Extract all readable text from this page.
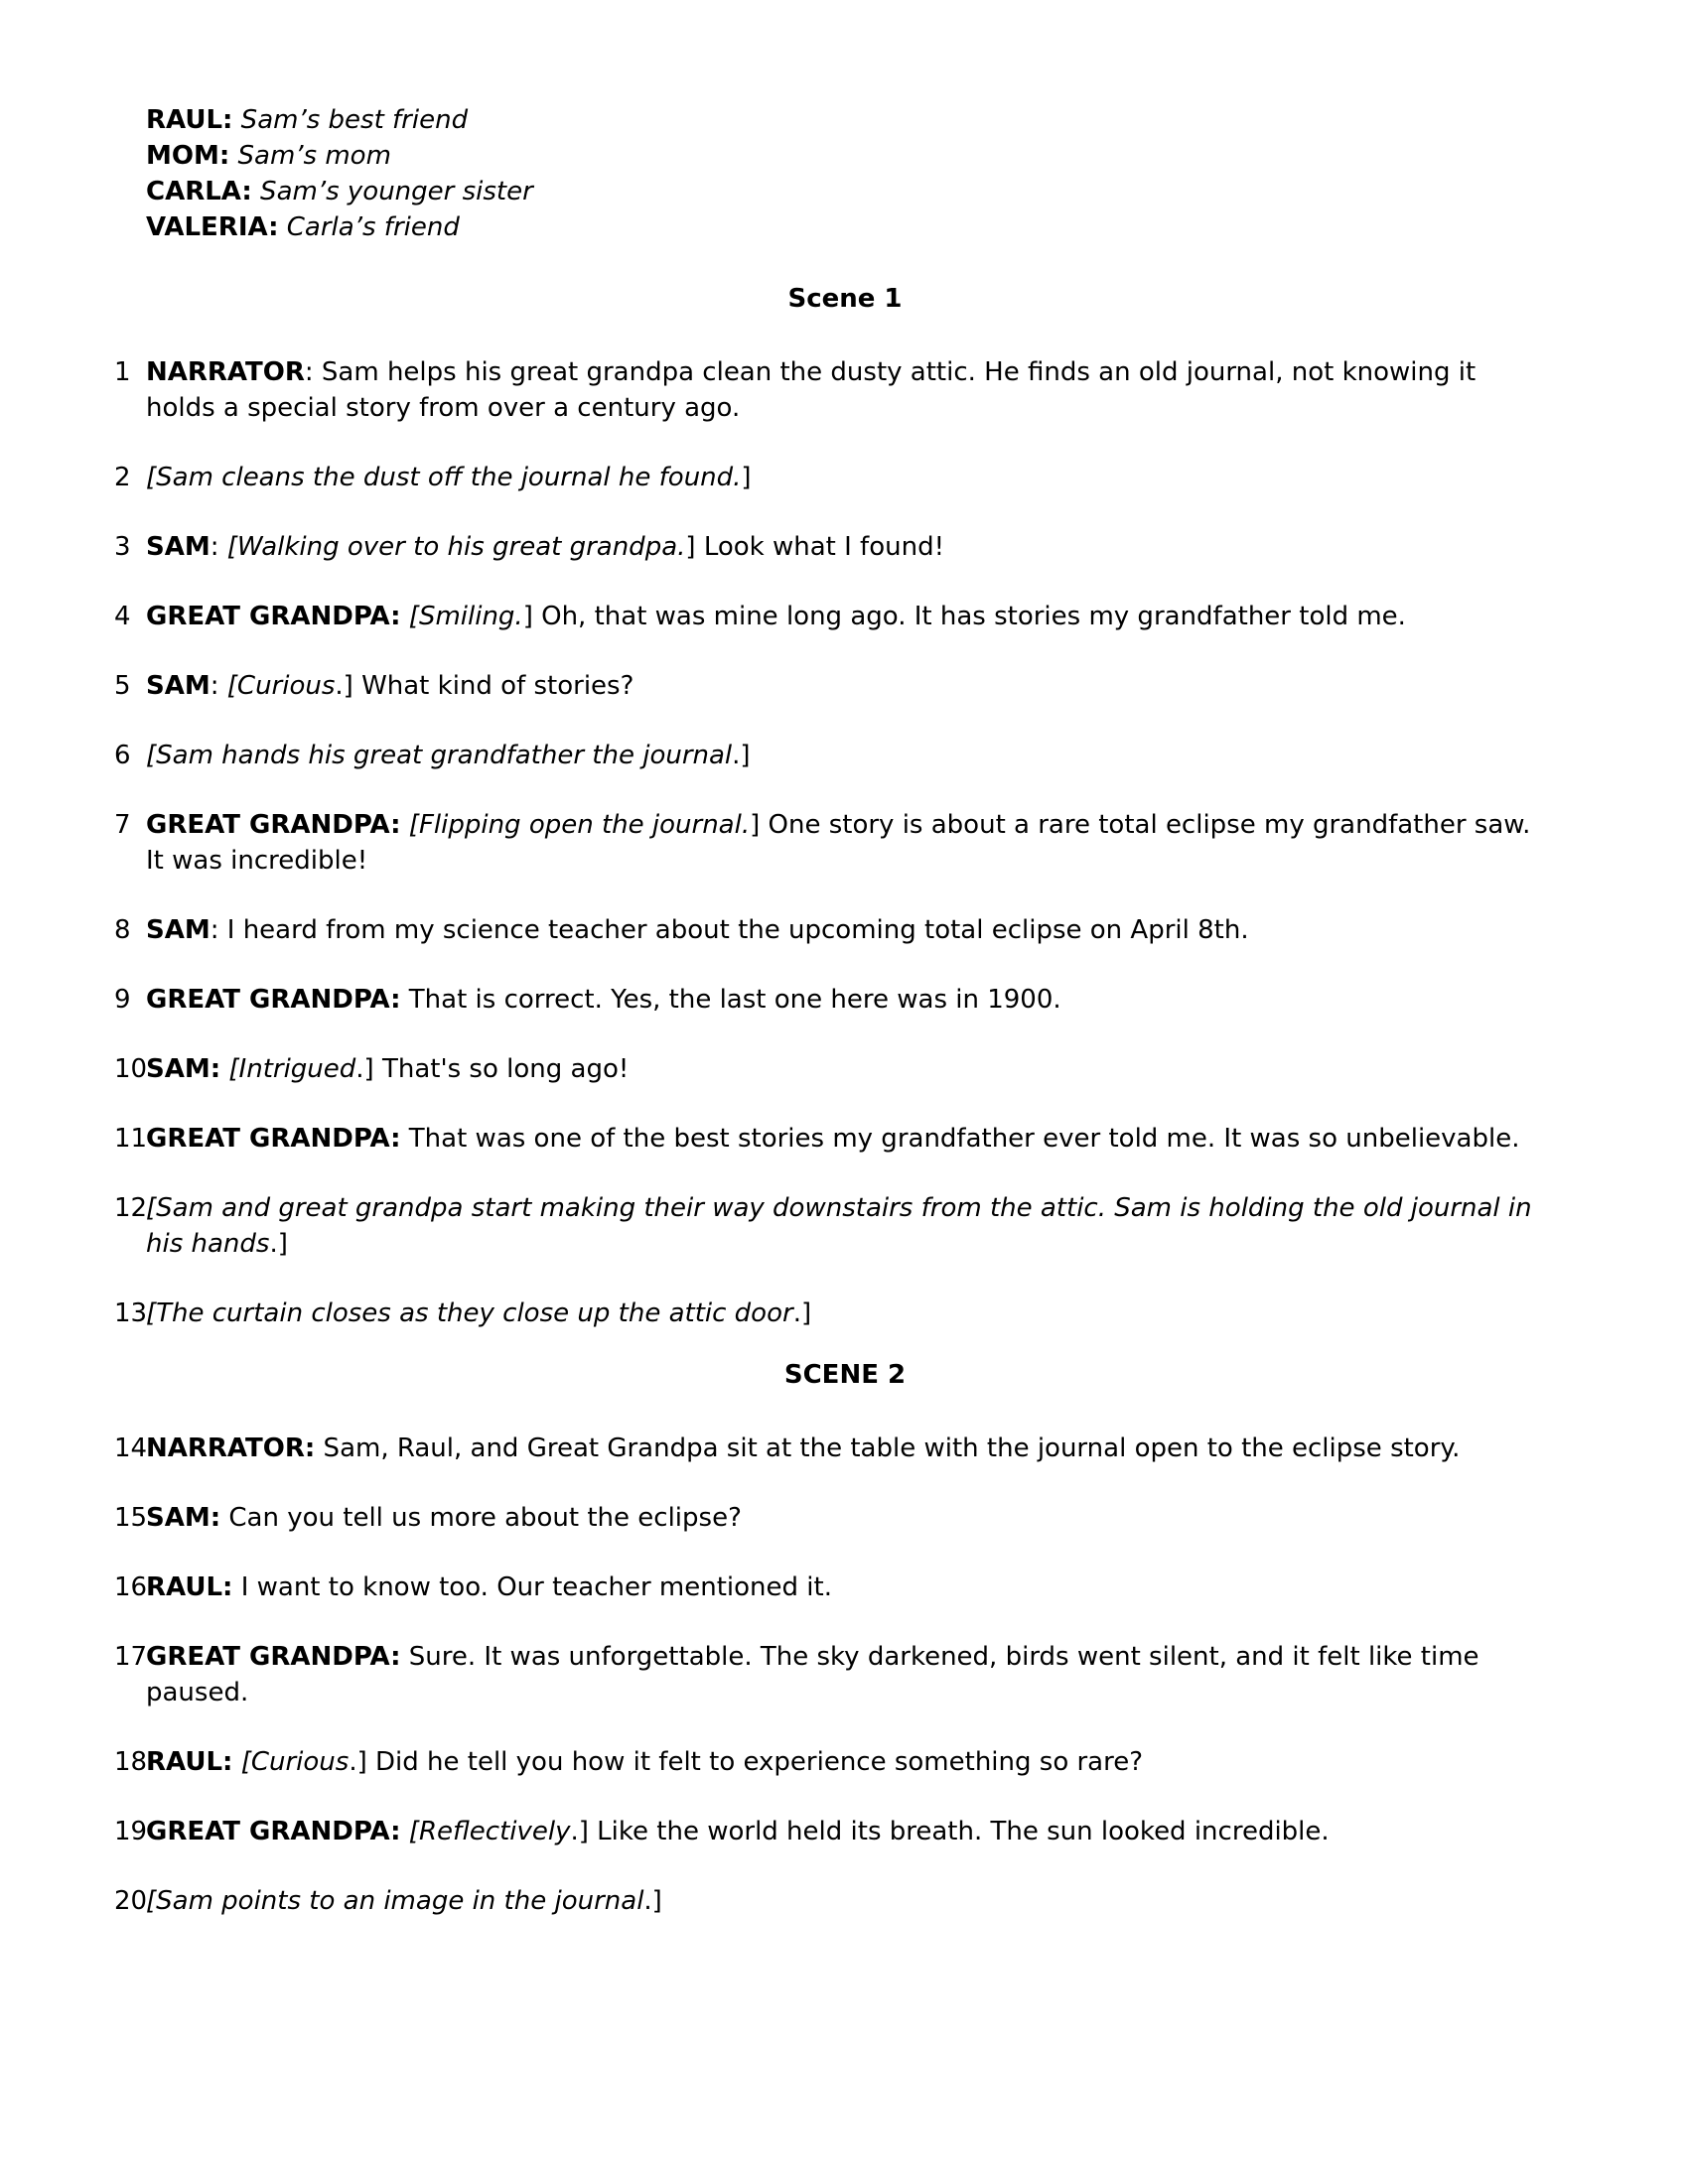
RAUL: Sam’s best friend
MOM: Sam’s mom
CARLA: Sam’s younger sister
VALERIA: Carla’s friend
Scene 1
1 NARRATOR: Sam helps his great grandpa clean the dusty attic. He finds an old journal, not knowing it holds a special story from over a century ago.
2 [Sam cleans the dust off the journal he found.]
3 SAM: [Walking over to his great grandpa.] Look what I found!
4 GREAT GRANDPA: [Smiling.] Oh, that was mine long ago. It has stories my grandfather told me.
5 SAM: [Curious.] What kind of stories?
6 [Sam hands his great grandfather the journal.]
7 GREAT GRANDPA: [Flipping open the journal.] One story is about a rare total eclipse my grandfather saw. It was incredible!
8 SAM: I heard from my science teacher about the upcoming total eclipse on April 8th.
9 GREAT GRANDPA: That is correct. Yes, the last one here was in 1900.
10
SAM: [Intrigued.] That's so long ago!
11
GREAT GRANDPA: That was one of the best stories my grandfather ever told me. It was so unbelievable.
12
[Sam and great grandpa start making their way downstairs from the attic. Sam is holding the old journal in his hands.]
13
[The curtain closes as they close up the attic door.]
SCENE 2
14
NARRATOR: Sam, Raul, and Great Grandpa sit at the table with the journal open to the eclipse story.
15
SAM: Can you tell us more about the eclipse?
16
RAUL: I want to know too. Our teacher mentioned it.
17
GREAT GRANDPA: Sure. It was unforgettable. The sky darkened, birds went silent, and it felt like time paused.
18
RAUL: [Curious.] Did he tell you how it felt to experience something so rare?
19
GREAT GRANDPA: [Reflectively.] Like the world held its breath. The sun looked incredible.
20
[Sam points to an image in the journal.]
